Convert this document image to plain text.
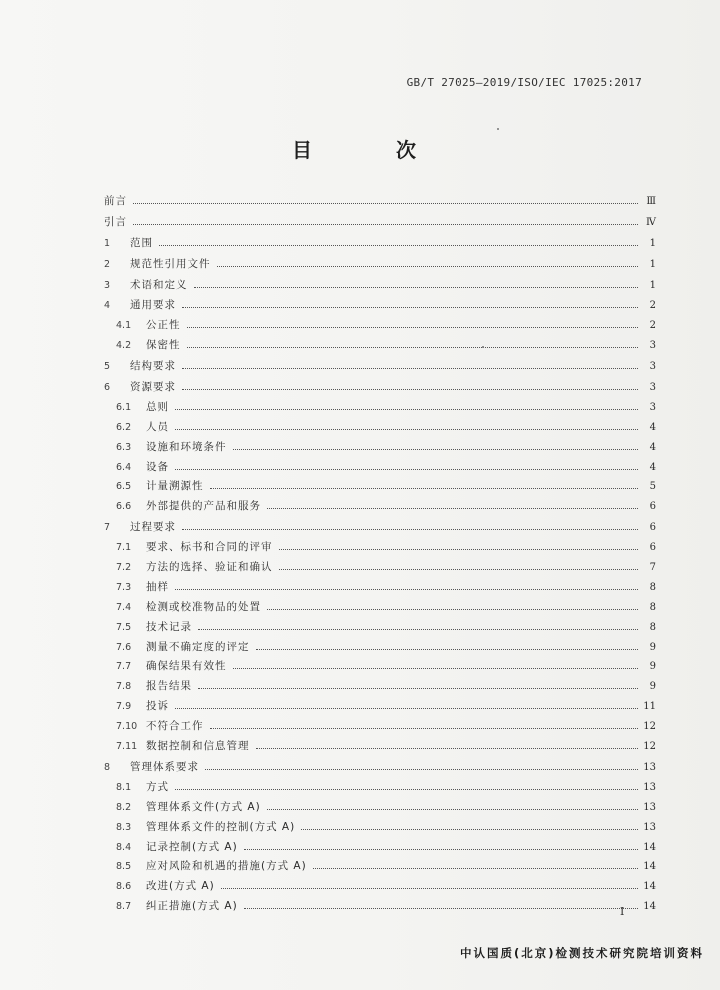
GB/T 27025—2019/ISO/IEC 17025:2017
目　次
前言	Ⅲ
引言	Ⅳ
1	范围	1
2	规范性引用文件	1
3	术语和定义	1
4	通用要求	2
4.1	公正性	2
4.2	保密性	3
5	结构要求	3
6	资源要求	3
6.1	总则	3
6.2	人员	4
6.3	设施和环境条件	4
6.4	设备	4
6.5	计量溯源性	5
6.6	外部提供的产品和服务	6
7	过程要求	6
7.1	要求、标书和合同的评审	6
7.2	方法的选择、验证和确认	7
7.3	抽样	8
7.4	检测或校准物品的处置	8
7.5	技术记录	8
7.6	测量不确定度的评定	9
7.7	确保结果有效性	9
7.8	报告结果	9
7.9	投诉	11
7.10 不符合工作	12
7.11 数据控制和信息管理	12
8	管理体系要求	13
8.1	方式	13
8.2	管理体系文件(方式 A)	13
8.3	管理体系文件的控制(方式 A)	13
8.4	记录控制(方式 A)	14
8.5	应对风险和机遇的措施(方式 A)	14
8.6	改进(方式 A)	14
8.7	纠正措施(方式 A)	14
Ⅰ
中认国质(北京)检测技术研究院培训资料
